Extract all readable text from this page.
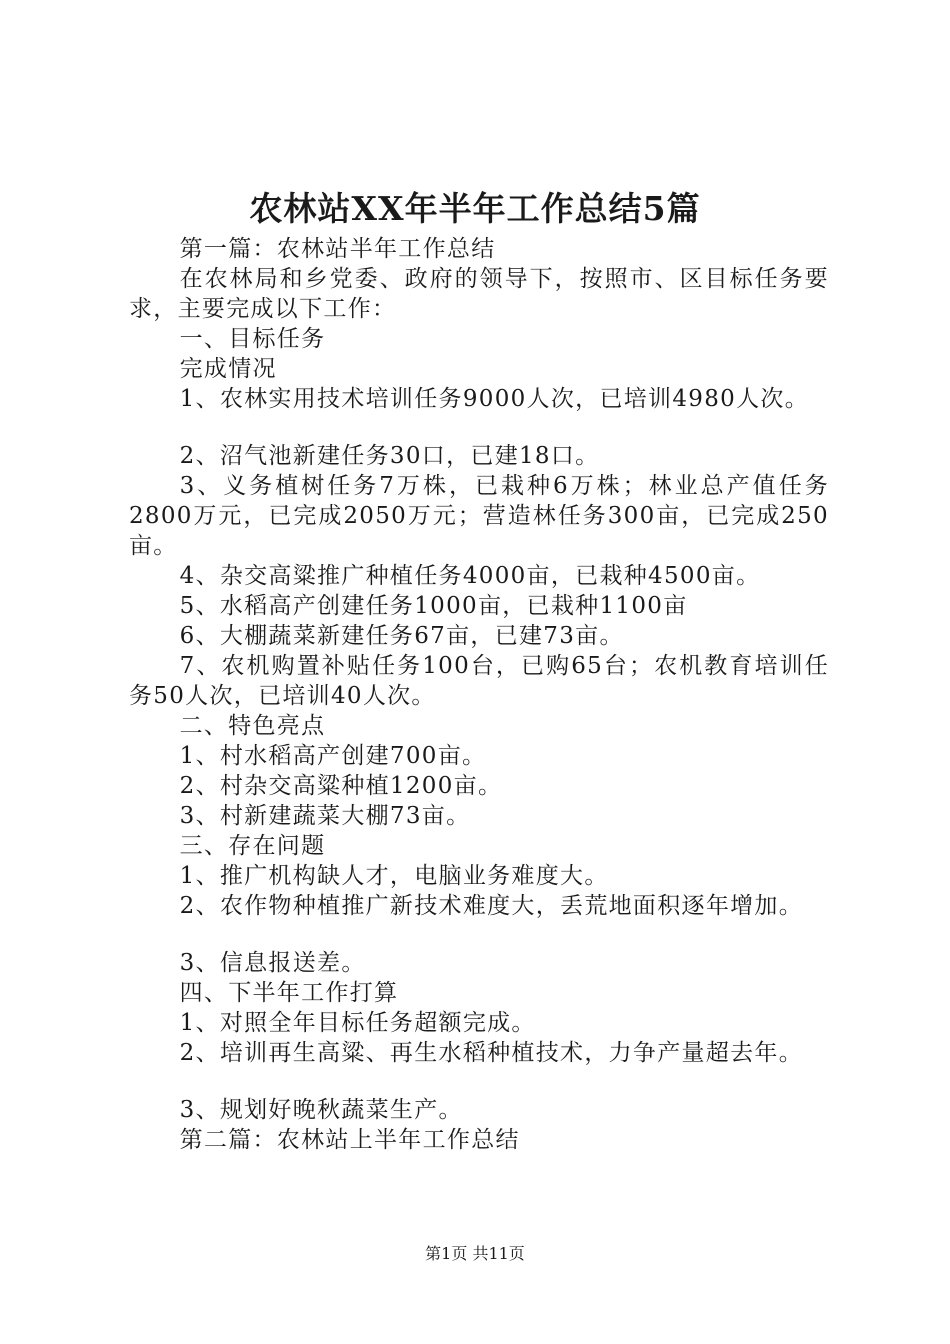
农林站XX年半年工作总结5篇

第一篇：农林站半年工作总结

在农林局和乡党委、政府的领导下，按照市、区目标任务要求，主要完成以下工作：

一、目标任务

完成情况

1、农林实用技术培训任务9000人次，已培训4980人次。

2、沼气池新建任务30口，已建18口。

3、义务植树任务7万株，已栽种6万株；林业总产值任务2800万元，已完成2050万元；营造林任务300亩，已完成250亩。

4、杂交高粱推广种植任务4000亩，已栽种4500亩。

5、水稻高产创建任务1000亩，已栽种1100亩

6、大棚蔬菜新建任务67亩，已建73亩。

7、农机购置补贴任务100台，已购65台；农机教育培训任务50人次，已培训40人次。

二、特色亮点

1、村水稻高产创建700亩。

2、村杂交高粱种植1200亩。

3、村新建蔬菜大棚73亩。

三、存在问题

1、推广机构缺人才，电脑业务难度大。

2、农作物种植推广新技术难度大，丢荒地面积逐年增加。

3、信息报送差。

四、下半年工作打算

1、对照全年目标任务超额完成。

2、培训再生高粱、再生水稻种植技术，力争产量超去年。

3、规划好晚秋蔬菜生产。

第二篇：农林站上半年工作总结

第1页 共11页
